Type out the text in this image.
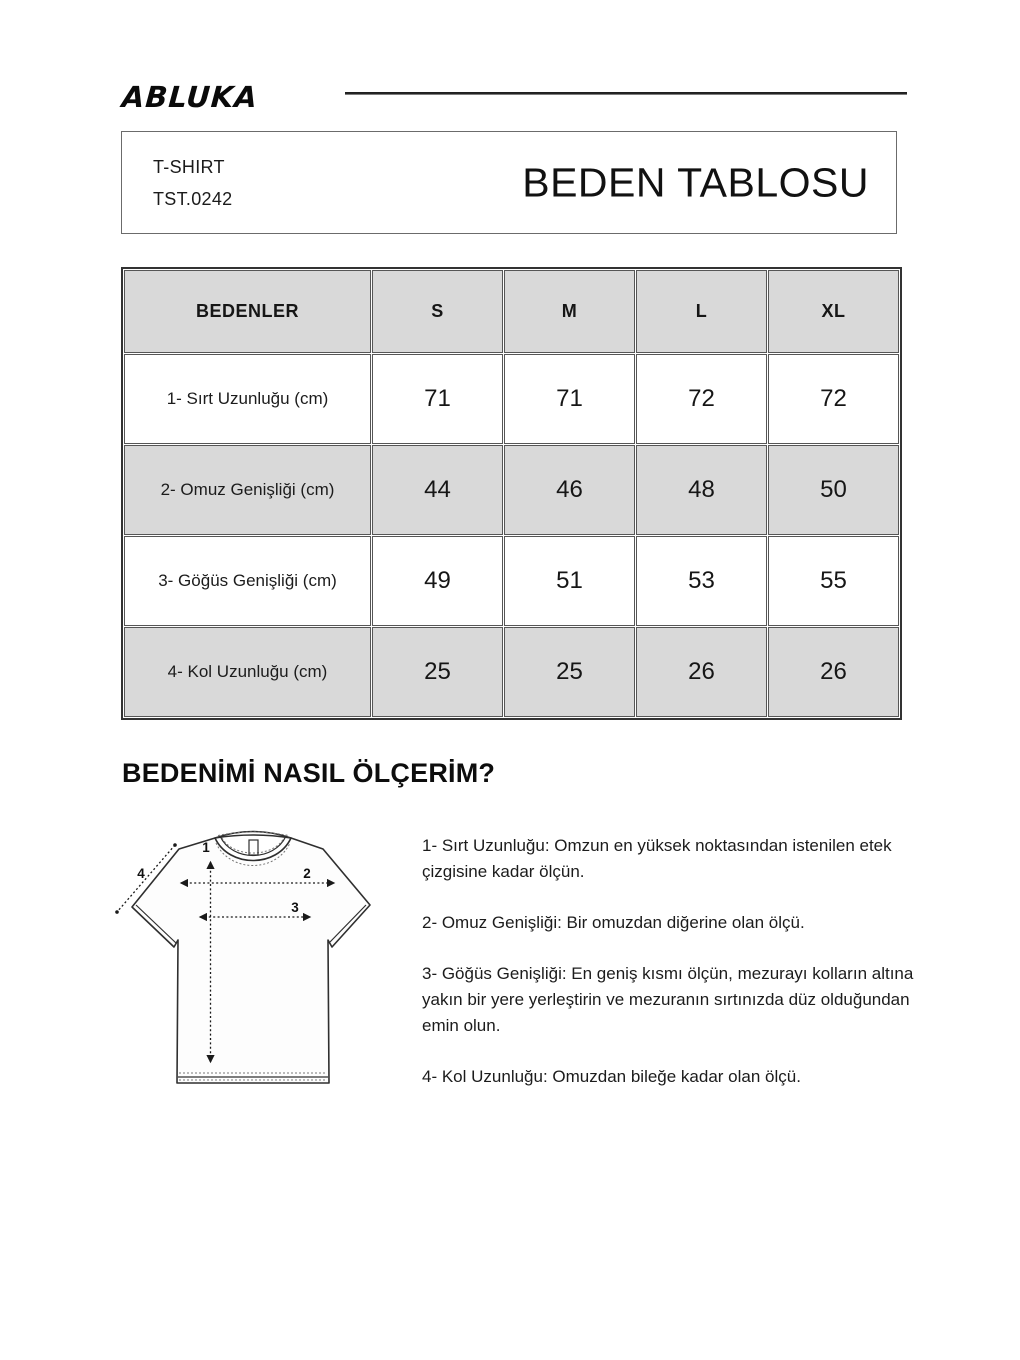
ABLUKA
T-SHIRT
TST.0242	BEDEN TABLOSU
BEDENLER	S	M	L	XL
1- Sırt Uzunluğu (cm)	71	71	72	72
2- Omuz Genişliği (cm)	44	46	48	50
3- Göğüs Genişliği (cm)	49	51	53	55
4- Kol Uzunluğu (cm)	25	25	26	26
BEDENİMİ NASIL ÖLÇERİM?
1
2
3
4

1- Sırt Uzunluğu: Omzun en yüksek noktasından istenilen etek çizgisine kadar ölçün.

2- Omuz Genişliği: Bir omuzdan diğerine olan ölçü.

3- Göğüs Genişliği: En geniş kısmı ölçün, mezurayı kolların altına yakın bir yere yerleştirin ve mezuranın sırtınızda düz olduğundan emin olun.

4- Kol Uzunluğu: Omuzdan bileğe kadar olan ölçü.
